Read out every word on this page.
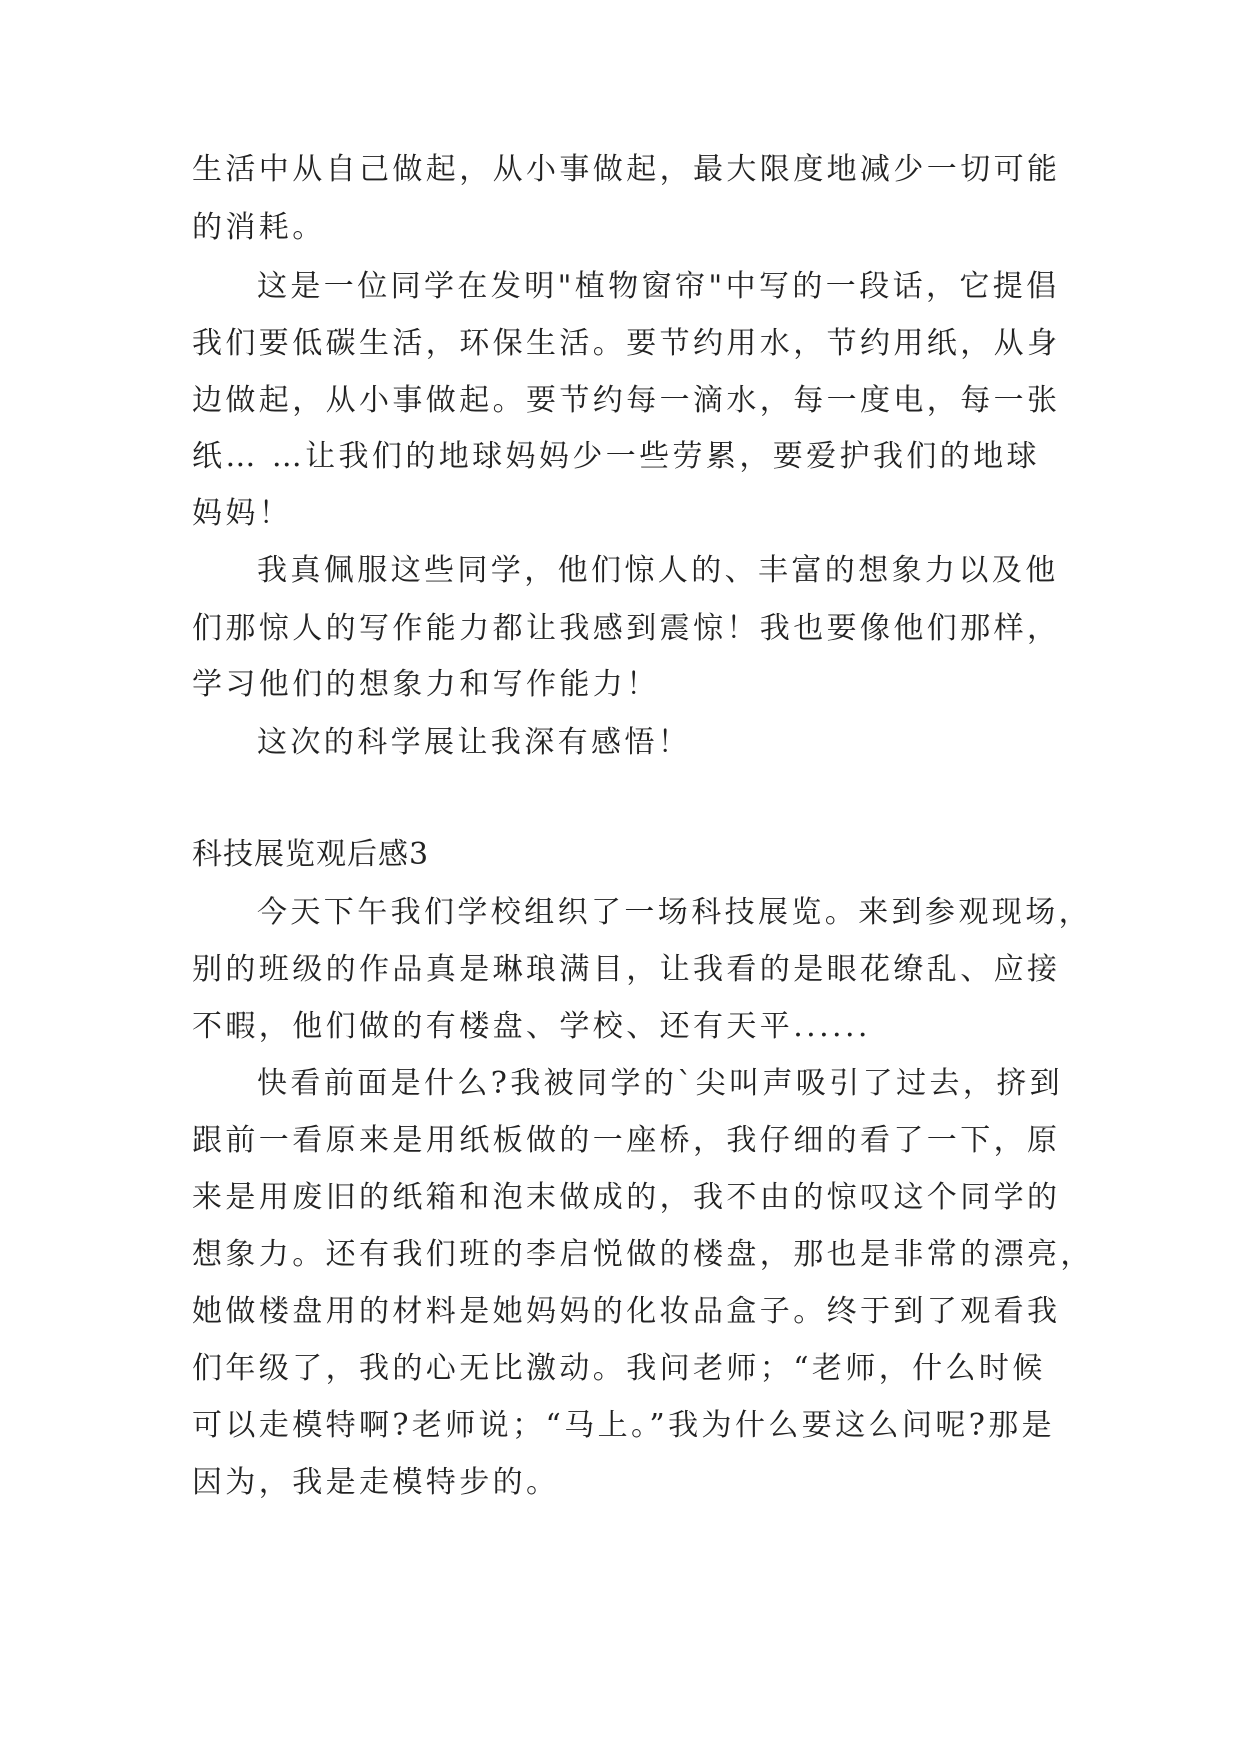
生活中从自己做起，从小事做起，最大限度地减少一切可能
的消耗。
这是一位同学在发明"植物窗帘"中写的一段话，它提倡
我们要低碳生活，环保生活。要节约用水，节约用纸，从身
边做起，从小事做起。要节约每一滴水，每一度电，每一张
纸… …让我们的地球妈妈少一些劳累，要爱护我们的地球
妈妈！
我真佩服这些同学，他们惊人的、丰富的想象力以及他
们那惊人的写作能力都让我感到震惊！我也要像他们那样，
学习他们的想象力和写作能力！
这次的科学展让我深有感悟！
科技展览观后感3
今天下午我们学校组织了一场科技展览。来到参观现场，
别的班级的作品真是琳琅满目，让我看的是眼花缭乱、应接
不暇，他们做的有楼盘、学校、还有天平......
快看前面是什么?我被同学的`尖叫声吸引了过去，挤到
跟前一看原来是用纸板做的一座桥，我仔细的看了一下，原
来是用废旧的纸箱和泡末做成的，我不由的惊叹这个同学的
想象力。还有我们班的李启悦做的楼盘，那也是非常的漂亮，
她做楼盘用的材料是她妈妈的化妆品盒子。终于到了观看我
们年级了，我的心无比激动。我问老师；“老师，什么时候
可以走模特啊?老师说；“马上。”我为什么要这么问呢?那是
因为，我是走模特步的。
